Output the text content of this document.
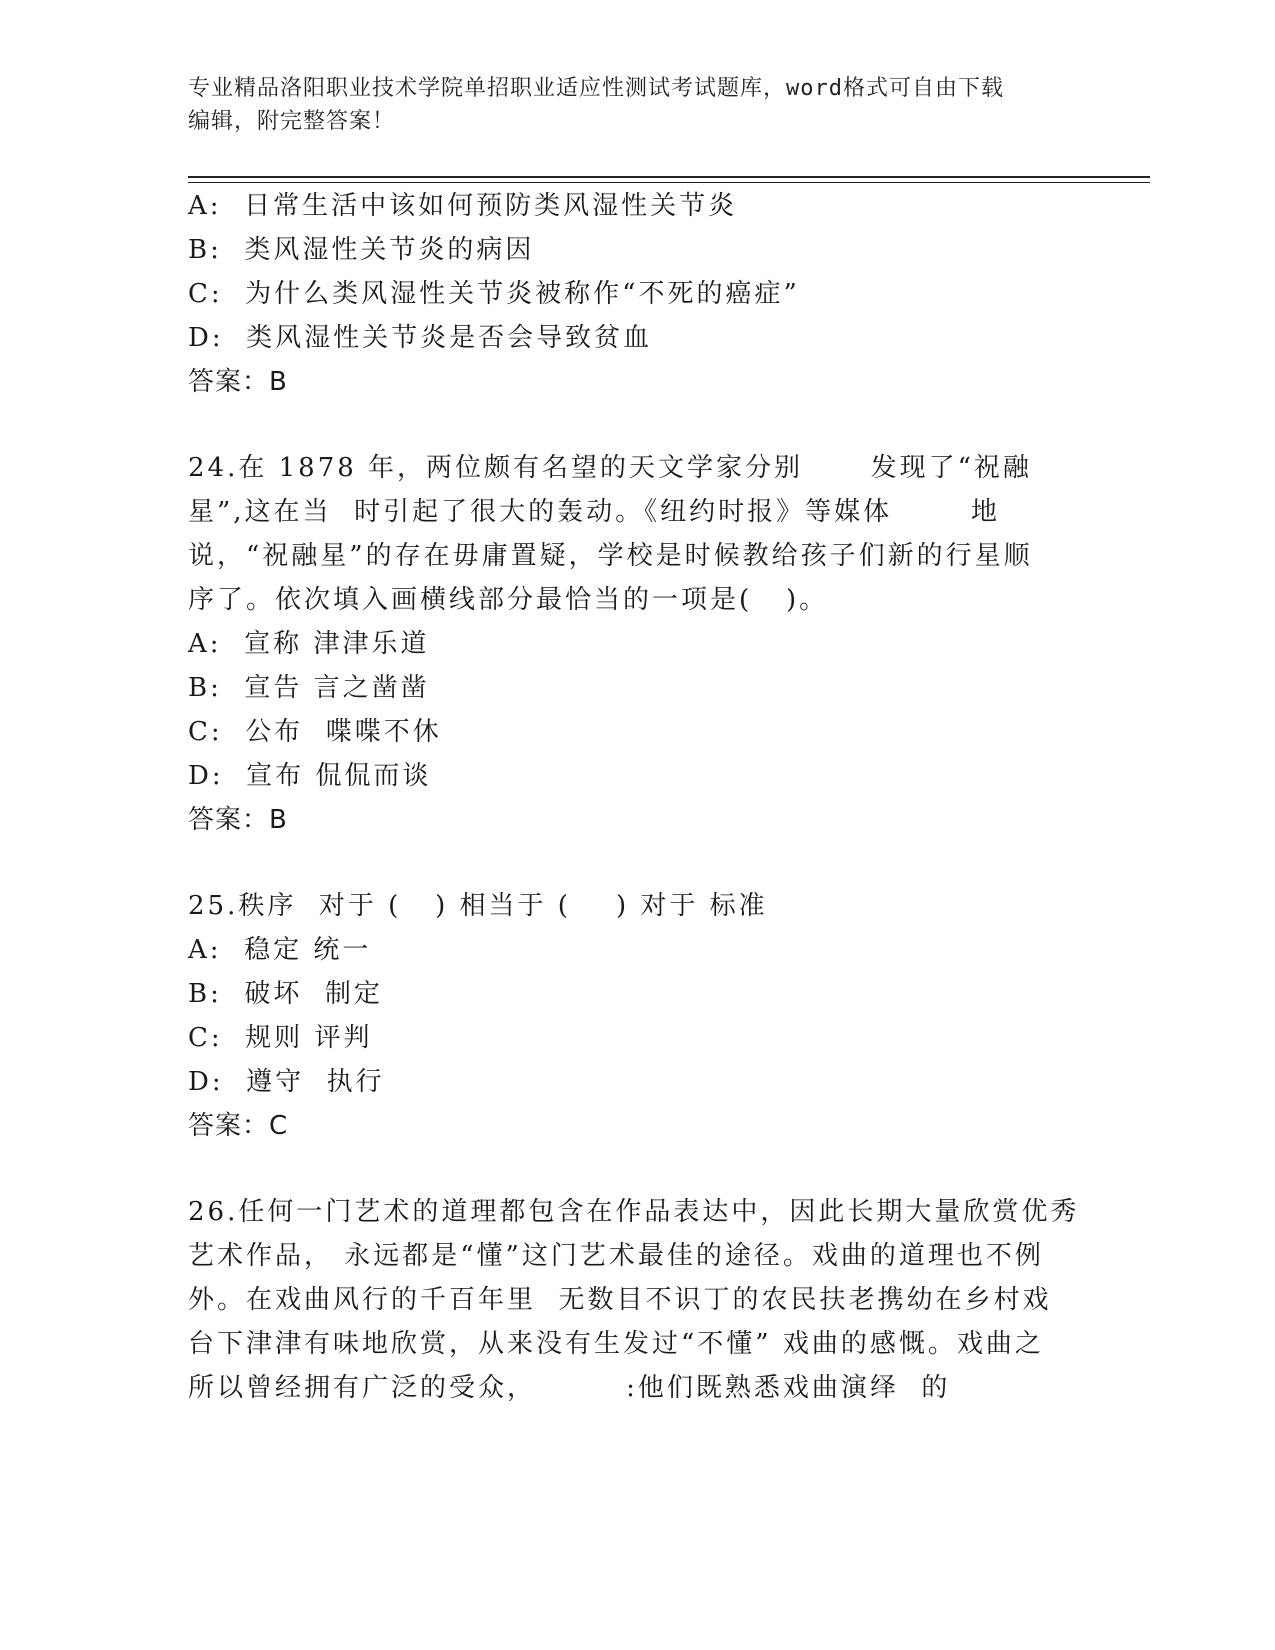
专业精品洛阳职业技术学院单招职业适应性测试考试题库，word格式可自由下载
编辑，附完整答案！
A:  日常生活中该如何预防类风湿性关节炎
B:  类风湿性关节炎的病因
C:  为什么类风湿性关节炎被称作“不死的癌症”
D:  类风湿性关节炎是否会导致贫血
答案：B
24.在 1878 年，两位颇有名望的天文学家分别      发现了“祝融
星”,这在当  时引起了很大的轰动。《纽约时报》等媒体       地
说，“祝融星”的存在毋庸置疑，学校是时候教给孩子们新的行星顺
序了。依次填入画横线部分最恰当的一项是(   )。
A:  宣称 津津乐道
B:  宣告 言之凿凿
C:  公布  喋喋不休
D:  宣布 侃侃而谈
答案：B
25.秩序  对于 (   ) 相当于 (    ) 对于 标准
A:  稳定 统一
B:  破坏  制定
C:  规则 评判
D:  遵守  执行
答案：C
26.任何一门艺术的道理都包含在作品表达中，因此长期大量欣赏优秀
艺术作品， 永远都是“懂”这门艺术最佳的途径。戏曲的道理也不例
外。在戏曲风行的千百年里  无数目不识丁的农民扶老携幼在乡村戏
台下津津有味地欣赏，从来没有生发过“不懂” 戏曲的感慨。戏曲之
所以曾经拥有广泛的受众，        :他们既熟悉戏曲演绎  的
